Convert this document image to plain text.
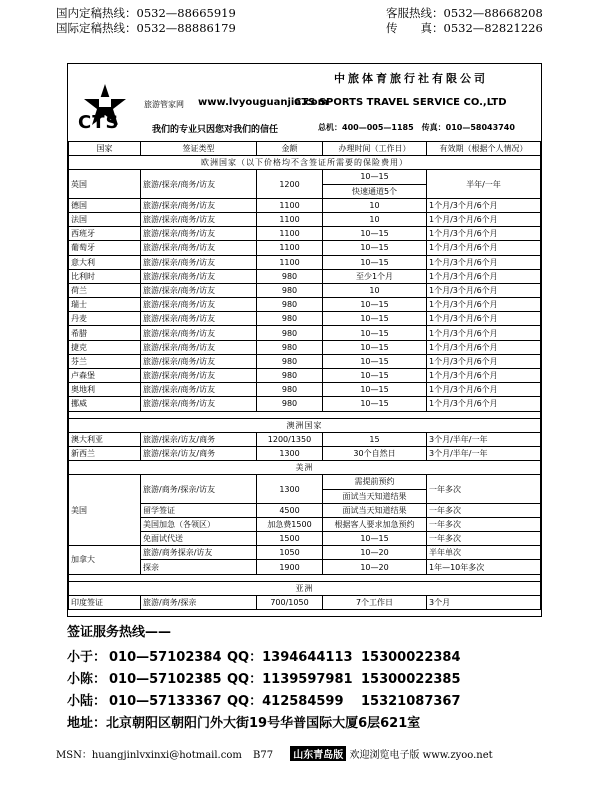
国内定稿热线：0532—88665919
国际定稿热线：0532—88886179
客服热线：0532—88668208
传　　真：0532—82821226
CTS
旅游管家网 www.lvyouguanjia.com
中旅体育旅行社有限公司
CTS SPORTS TRAVEL SERVICE CO.,LTD
我们的专业只因您对我们的信任	总机：400—005—1185　传真：010—58043740
国家	签证类型	金额	办理时间（工作日）	有效期（根据个人情况）
欧洲国家（以下价格均不含签证所需要的保险费用）				
英国	旅游/探亲/商务/访友	1200	10—15	半年/一年
			快速通道5个	
德国	旅游/探亲/商务/访友	1100	10	1个月/3个月/6个月
法国	旅游/探亲/商务/访友	1100	10	1个月/3个月/6个月
西班牙	旅游/探亲/商务/访友	1100	10—15	1个月/3个月/6个月
葡萄牙	旅游/探亲/商务/访友	1100	10—15	1个月/3个月/6个月
意大利	旅游/探亲/商务/访友	1100	10—15	1个月/3个月/6个月
比利时	旅游/探亲/商务/访友	980	至少1个月	1个月/3个月/6个月
荷兰	旅游/探亲/商务/访友	980	10	1个月/3个月/6个月
瑞士	旅游/探亲/商务/访友	980	10—15	1个月/3个月/6个月
丹麦	旅游/探亲/商务/访友	980	10—15	1个月/3个月/6个月
希腊	旅游/探亲/商务/访友	980	10—15	1个月/3个月/6个月
捷克	旅游/探亲/商务/访友	980	10—15	1个月/3个月/6个月
芬兰	旅游/探亲/商务/访友	980	10—15	1个月/3个月/6个月
卢森堡	旅游/探亲/商务/访友	980	10—15	1个月/3个月/6个月
奥地利	旅游/探亲/商务/访友	980	10—15	1个月/3个月/6个月
挪威	旅游/探亲/商务/访友	980	10—15	1个月/3个月/6个月

澳洲国家				
澳大利亚	旅游/探亲/访友/商务	1200/1350	15	3个月/半年/一年
新西兰	旅游/探亲/访友/商务	1300	30个自然日	3个月/半年/一年
美洲				
美国	旅游/商务/探亲/访友	1300	需提前预约	一年多次
			面试当天知道结果	
	留学签证	4500	面试当天知道结果	一年多次
	美国加急（各领区）	加急费1500	根据客人要求加急预约	一年多次
	免面试代送	1500	10—15	一年多次
加拿大	旅游/商务探亲/访友	1050	10—20	半年单次
	探亲	1900	10—20	1年—10年多次

亚洲				
印度签证	旅游/商务/探亲	700/1050	7个工作日	3个月
签证服务热线——
小于： 010—57102384 QQ：1394644113 15300022384
小陈： 010—57102385 QQ：1139597981 15300022385
小陆： 010—57133367 QQ：412584599 15321087367
地址：北京朝阳区朝阳门外大街19号华普国际大厦6层621室
MSN：huangjinlvxinxi@hotmail.com B77 山东青岛版 欢迎浏览电子版 www.zyoo.net
